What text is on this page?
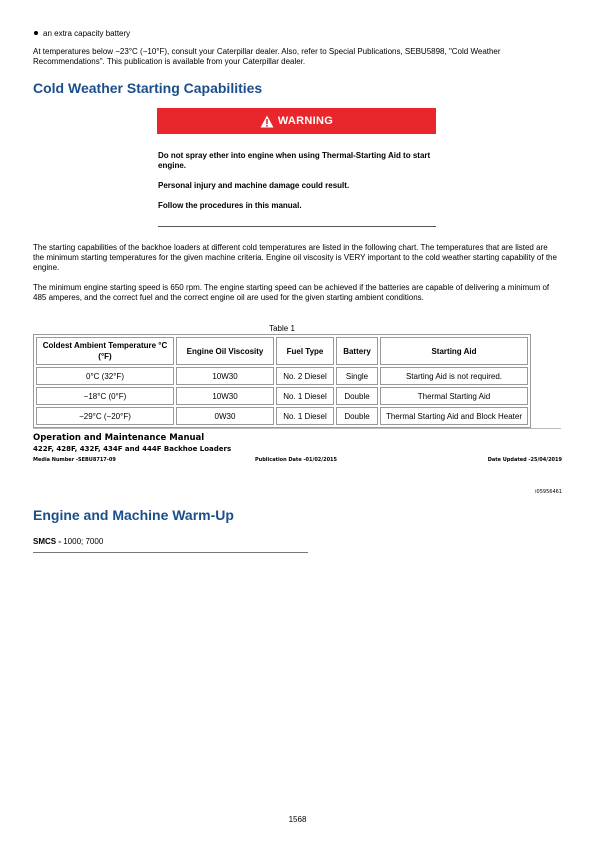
an extra capacity battery
At temperatures below −23°C (−10°F), consult your Caterpillar dealer. Also, refer to Special Publications, SEBU5898, "Cold Weather Recommendations". This publication is available from your Caterpillar dealer.
Cold Weather Starting Capabilities
WARNING
Do not spray ether into engine when using Thermal-Starting Aid to start engine.
Personal injury and machine damage could result.
Follow the procedures in this manual.
The starting capabilities of the backhoe loaders at different cold temperatures are listed in the following chart. The temperatures that are listed are the minimum starting temperatures for the given machine criteria. Engine oil viscosity is VERY important to the cold weather starting capability of the engine.
The minimum engine starting speed is 650 rpm. The engine starting speed can be achieved if the batteries are capable of delivering a minimum of 485 amperes, and the correct fuel and the correct engine oil are used for the given starting ambient conditions.
Table 1
Coldest Ambient Temperature °C (°F)	Engine Oil Viscosity	Fuel Type	Battery	Starting Aid
0°C (32°F)	10W30	No. 2 Diesel	Single	Starting Aid is not required.
−18°C (0°F)	10W30	No. 1 Diesel	Double	Thermal Starting Aid
−29°C (−20°F)	0W30	No. 1 Diesel	Double	Thermal Starting Aid and Block Heater
Operation and Maintenance Manual
422F, 428F, 432F, 434F and 444F Backhoe Loaders
Media Number -SEBU8717-09	Publication Date -01/02/2015	Date Updated -25/04/2019
i05956461
Engine and Machine Warm-Up
SMCS - 1000; 7000
1568
